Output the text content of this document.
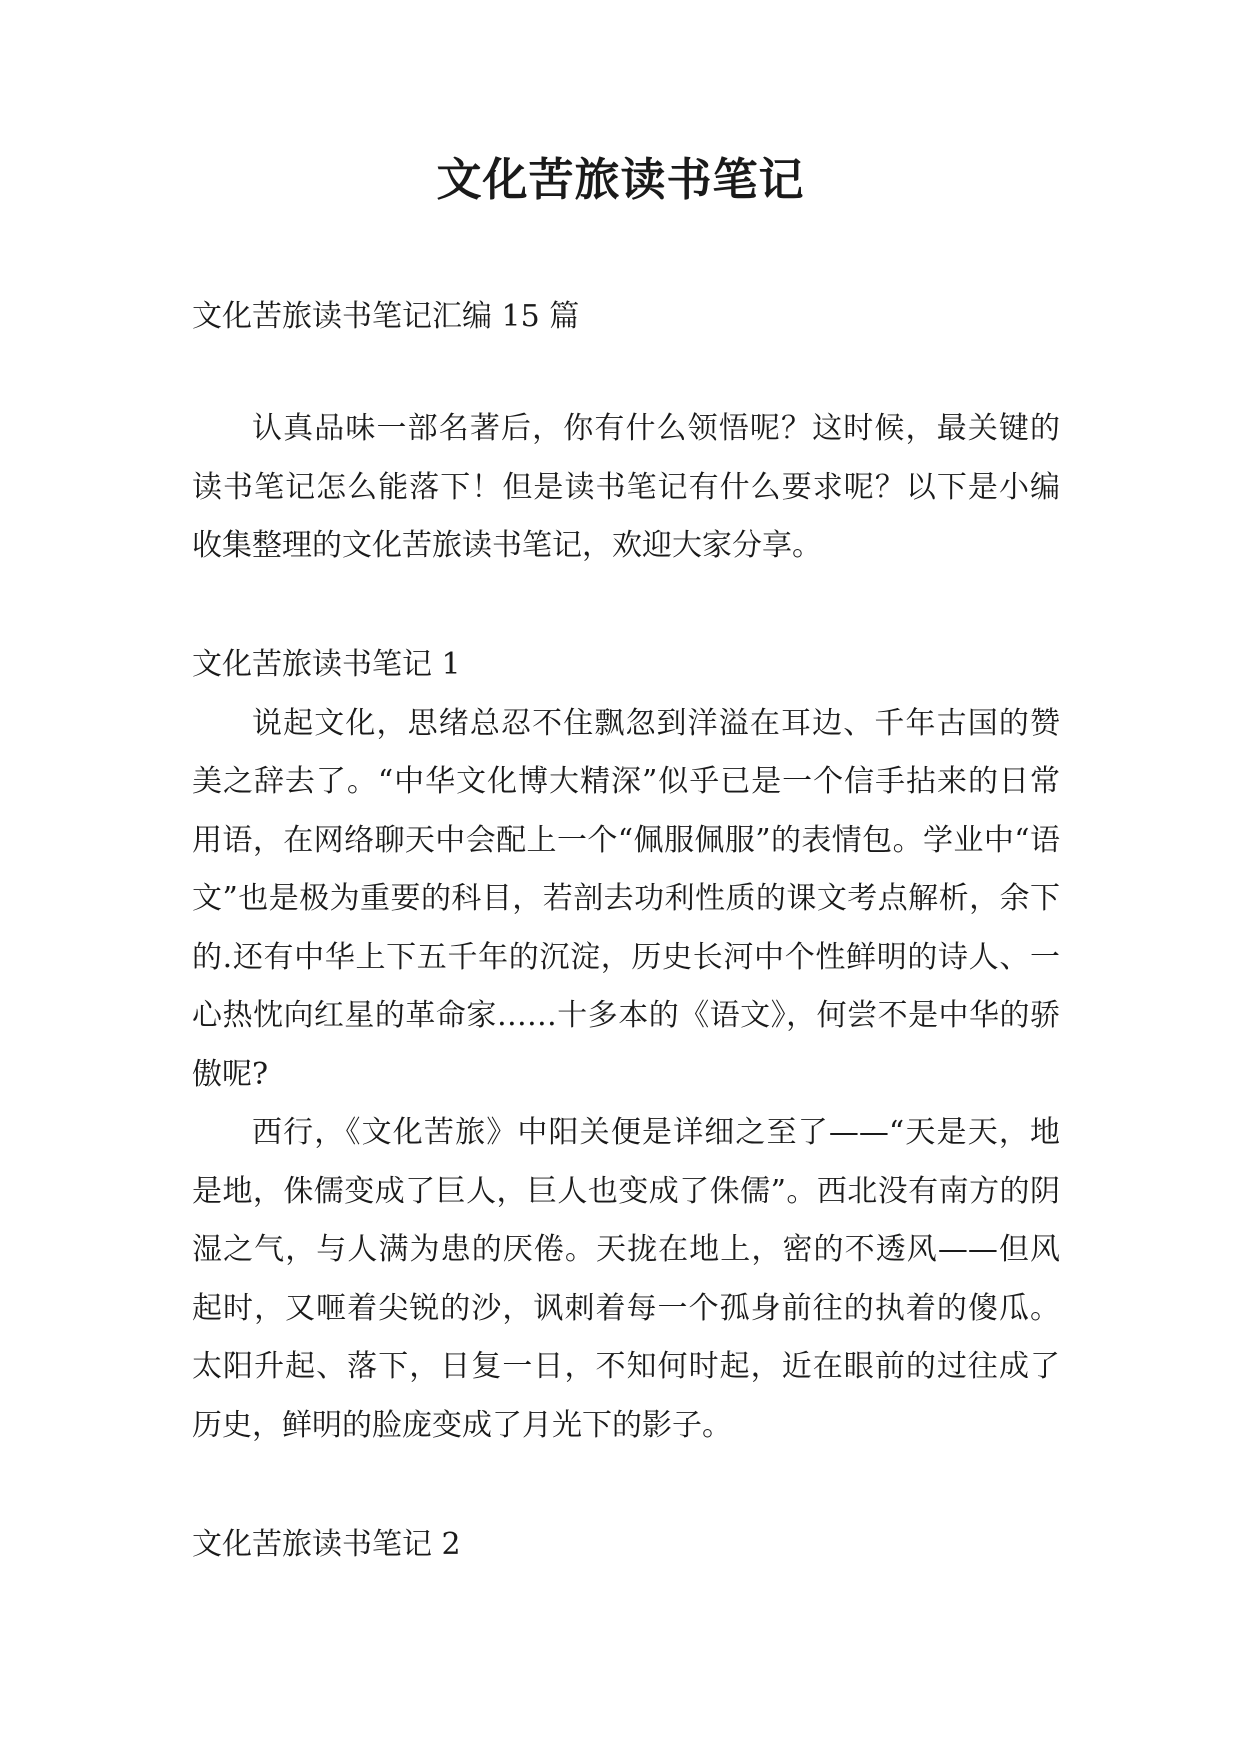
文化苦旅读书笔记

文化苦旅读书笔记汇编 15 篇

认真品味一部名著后，你有什么领悟呢？这时候，最关键的读书笔记怎么能落下！但是读书笔记有什么要求呢？以下是小编收集整理的文化苦旅读书笔记，欢迎大家分享。

文化苦旅读书笔记 1

说起文化，思绪总忍不住飘忽到洋溢在耳边、千年古国的赞美之辞去了。“中华文化博大精深”似乎已是一个信手拈来的日常用语，在网络聊天中会配上一个“佩服佩服”的表情包。学业中“语文”也是极为重要的科目，若剖去功利性质的课文考点解析，余下的.还有中华上下五千年的沉淀，历史长河中个性鲜明的诗人、一心热忱向红星的革命家……十多本的《语文》，何尝不是中华的骄傲呢?

西行，《文化苦旅》中阳关便是详细之至了——“天是天，地是地，侏儒变成了巨人，巨人也变成了侏儒”。西北没有南方的阴湿之气，与人满为患的厌倦。天拢在地上，密的不透风——但风起时，又咂着尖锐的沙，讽刺着每一个孤身前往的执着的傻瓜。太阳升起、落下，日复一日，不知何时起，近在眼前的过往成了历史，鲜明的脸庞变成了月光下的影子。

文化苦旅读书笔记 2
